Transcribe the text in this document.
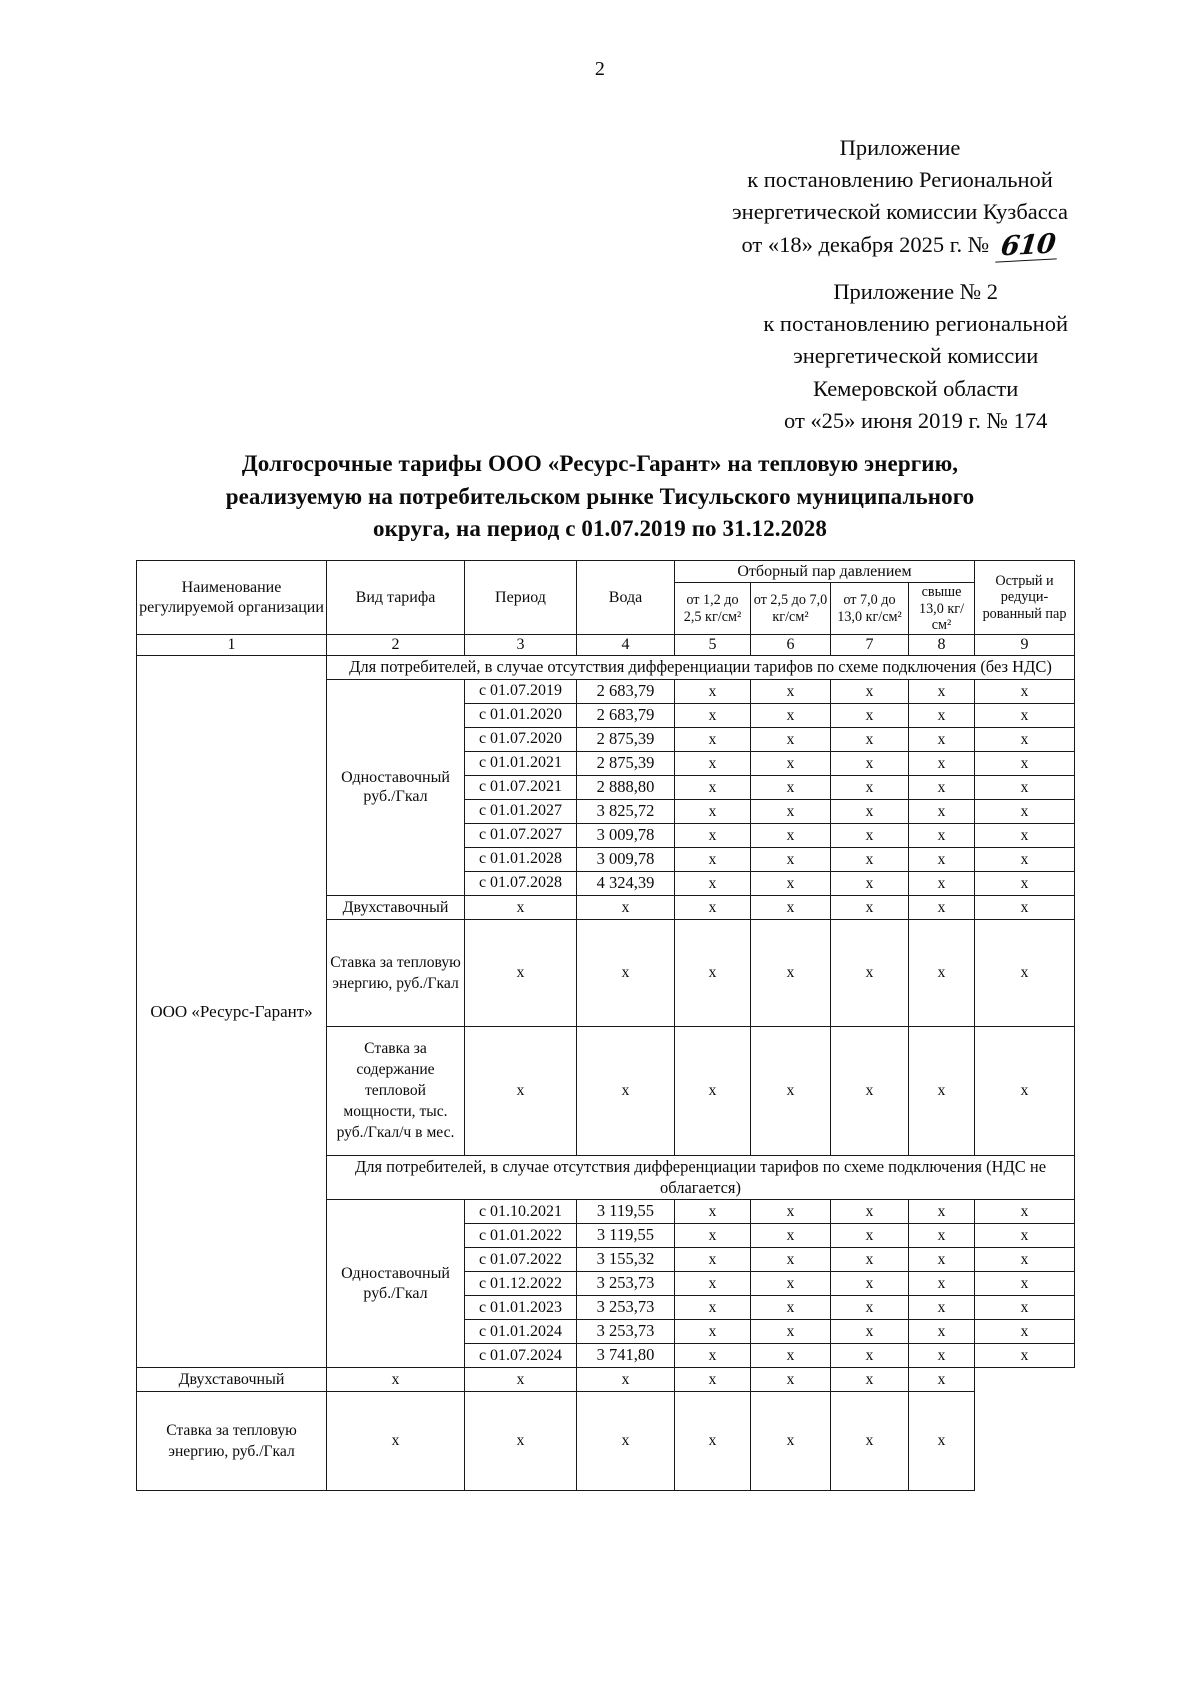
2
Приложение
к постановлению Региональной
энергетической комиссии Кузбасса
от «18» декабря 2025 г. № 610
Приложение № 2
к постановлению региональной
энергетической комиссии
Кемеровской области
от «25» июня 2019 г. № 174
Долгосрочные тарифы ООО «Ресурс-Гарант» на тепловую энергию,
реализуемую на потребительском рынке Тисульского муниципального
округа, на период с 01.07.2019 по 31.12.2028
Наименование регулируемой организации	Вид тарифа	Период	Вода	Отборный пар давлением				Острый и редуци-рованный пар
				от 1,2 до 2,5 кг/см²	от 2,5 до 7,0 кг/см²	от 7,0 до 13,0 кг/см²	свыше 13,0 кг/см²	
1	2	3	4	5	6	7	8	9
ООО «Ресурс-Гарант»	Для потребителей, в случае отсутствия дифференциации тарифов по схеме подключения (без НДС)							
	Одноставочный руб./Гкал	с 01.07.2019	2 683,79	х	х	х	х	х
		с 01.01.2020	2 683,79	х	х	х	х	х
		с 01.07.2020	2 875,39	х	х	х	х	х
		с 01.01.2021	2 875,39	х	х	х	х	х
		с 01.07.2021	2 888,80	х	х	х	х	х
		с 01.01.2027	3 825,72	х	х	х	х	х
		с 01.07.2027	3 009,78	х	х	х	х	х
		с 01.01.2028	3 009,78	х	х	х	х	х
		с 01.07.2028	4 324,39	х	х	х	х	х
	Двухставочный	х	х	х	х	х	х	х
	Ставка за тепловую энергию, руб./Гкал	х	х	х	х	х	х	х
	Ставка за содержание тепловой мощности, тыс. руб./Гкал/ч в мес.	х	х	х	х	х	х	х
	Для потребителей, в случае отсутствия дифференциации тарифов по схеме подключения (НДС не облагается)							
	Одноставочный руб./Гкал	с 01.10.2021	3 119,55	х	х	х	х	х
		с 01.01.2022	3 119,55	х	х	х	х	х
		с 01.07.2022	3 155,32	х	х	х	х	х
		с 01.12.2022	3 253,73	х	х	х	х	х
		с 01.01.2023	3 253,73	х	х	х	х	х
		с 01.01.2024	3 253,73	х	х	х	х	х
		с 01.07.2024	3 741,80	х	х	х	х	х
Двухставочный	х	х	х	х	х	х	х	
Ставка за тепловую энергию, руб./Гкал	х	х	х	х	х	х	х	
